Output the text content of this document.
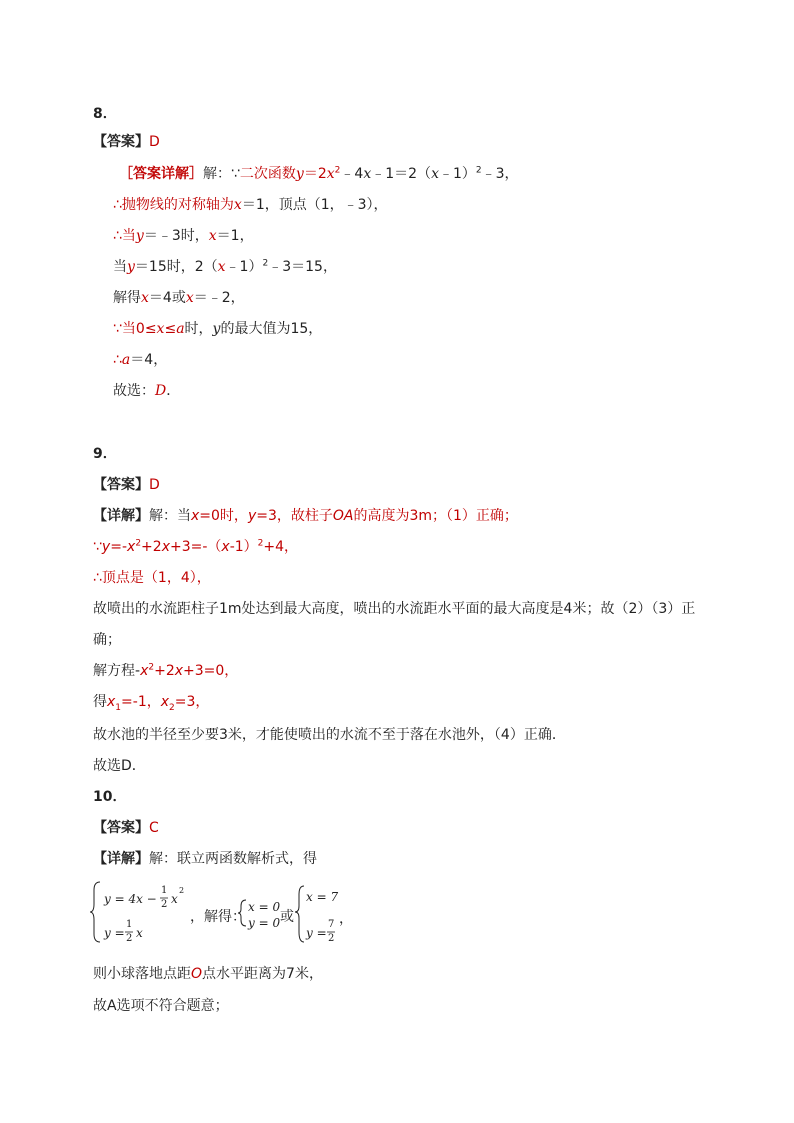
8．
【答案】D
［答案详解］解：∵二次函数$y=2x^2﹣4x﹣1=2(x﹣1)^2﹣3$，
∴抛物线的对称轴为x＝1，顶点（1，﹣3），
∴当y＝﹣3时，x＝1，
当y＝15时，2（x﹣1）$^2$﹣3＝15，
解得x＝4或x＝﹣2，
∵当0≤x≤a时，y的最大值为15，
∴a＝4，
故选：D．
9．
【答案】D
【详解】解：当x=0时，y=3，故柱子OA的高度为3m；（1）正确；
$\because y=-x^2+2x+3=-(x-1)^2+4$，
∴顶点是（1，4），
故喷出的水流距柱子1m处达到最大高度，喷出的水流距水平面的最大高度是4米；故（2）（3）正
确；
解方程$-x^2+2x+3=0$，
得$x_1=-1$，$x_2=3$，
故水池的半径至少要3米，才能使喷出的水流不至于落在水池外，（4）正确．
故选D．
10．
【答案】C
【详解】解：联立两函数解析式，得
y = 4x −
1
2 x
2
y =
1
2 x
，解得：
x = 0
y = 0 或
x = 7
y =
7
2
，
则小球落地点距O点水平距离为7米，
故A选项不符合题意；
